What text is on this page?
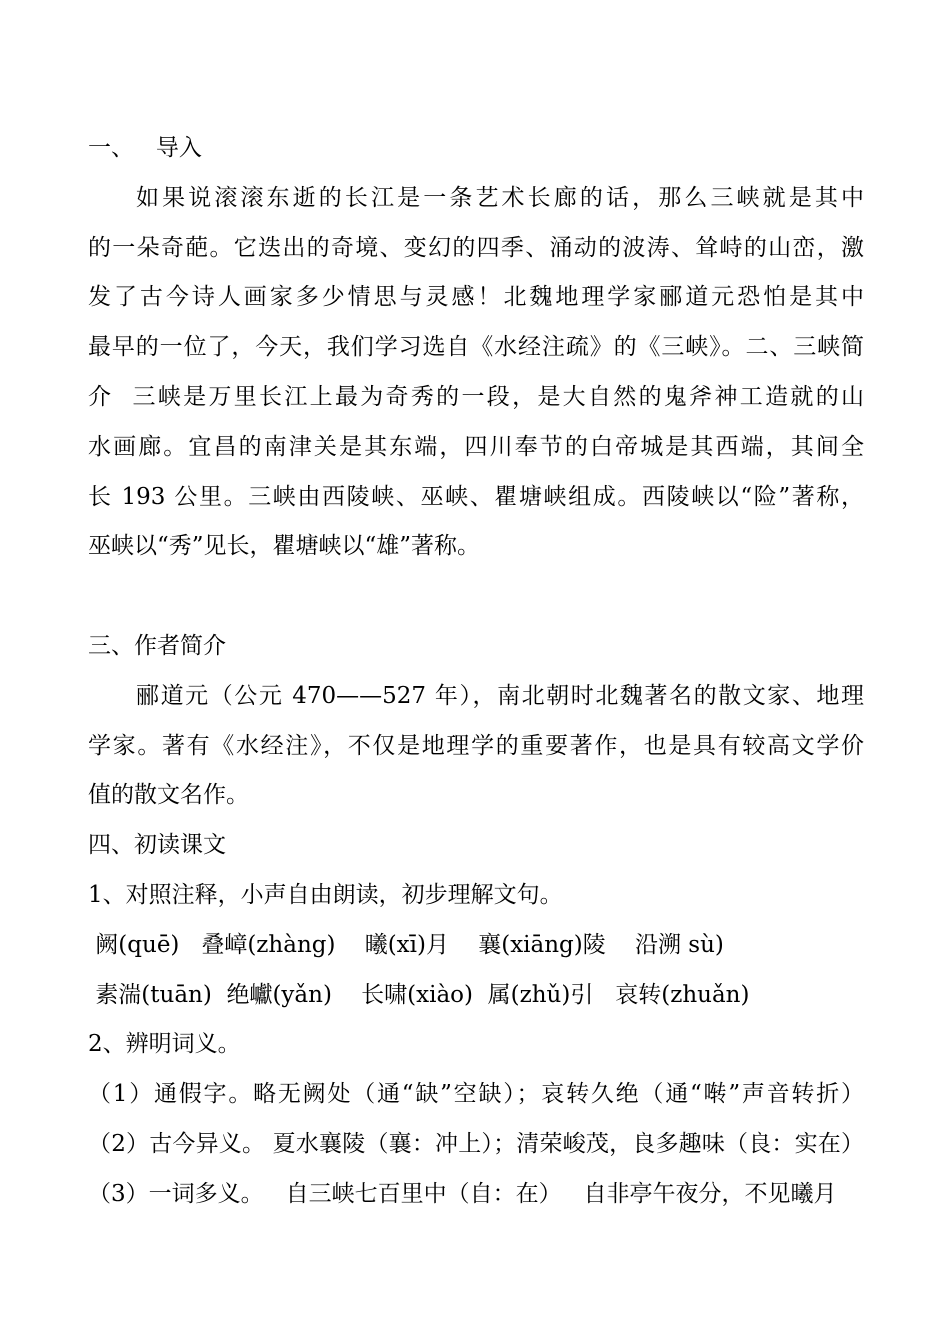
一、   导入
如果说滚滚东逝的长江是一条艺术长廊的话，那么三峡就是其中
的一朵奇葩。它迭出的奇境、变幻的四季、涌动的波涛、耸峙的山峦，激
发了古今诗人画家多少情思与灵感！北魏地理学家郦道元恐怕是其中
最早的一位了，今天，我们学习选自《水经注疏》的《三峡》。二、三峡简
介  三峡是万里长江上最为奇秀的一段，是大自然的鬼斧神工造就的山
水画廊。宜昌的南津关是其东端，四川奉节的白帝城是其西端，其间全
长 193 公里。三峡由西陵峡、巫峡、瞿塘峡组成。西陵峡以“险”著称，
巫峡以“秀”见长，瞿塘峡以“雄”著称。
三、作者简介
郦道元（公元 470——527 年），南北朝时北魏著名的散文家、地理
学家。著有《水经注》，不仅是地理学的重要著作，也是具有较高文学价
值的散文名作。
四、初读课文
1、对照注释，小声自由朗读，初步理解文句。
阙(quē)   叠嶂(zhàng)    曦(xī)月    襄(xiāng)陵    沿溯 sù)
素湍(tuān)  绝巘(yǎn)    长啸(xiào)  属(zhǔ)引   哀转(zhuǎn)
2、辨明词义。
（1）通假字。略无阙处（通“缺”空缺）；哀转久绝（通“啭”声音转折）
（2）古今异义。 夏水襄陵（襄：冲上）；清荣峻茂，良多趣味（良：实在）
（3）一词多义。   自三峡七百里中（自：在）   自非亭午夜分，不见曦月
